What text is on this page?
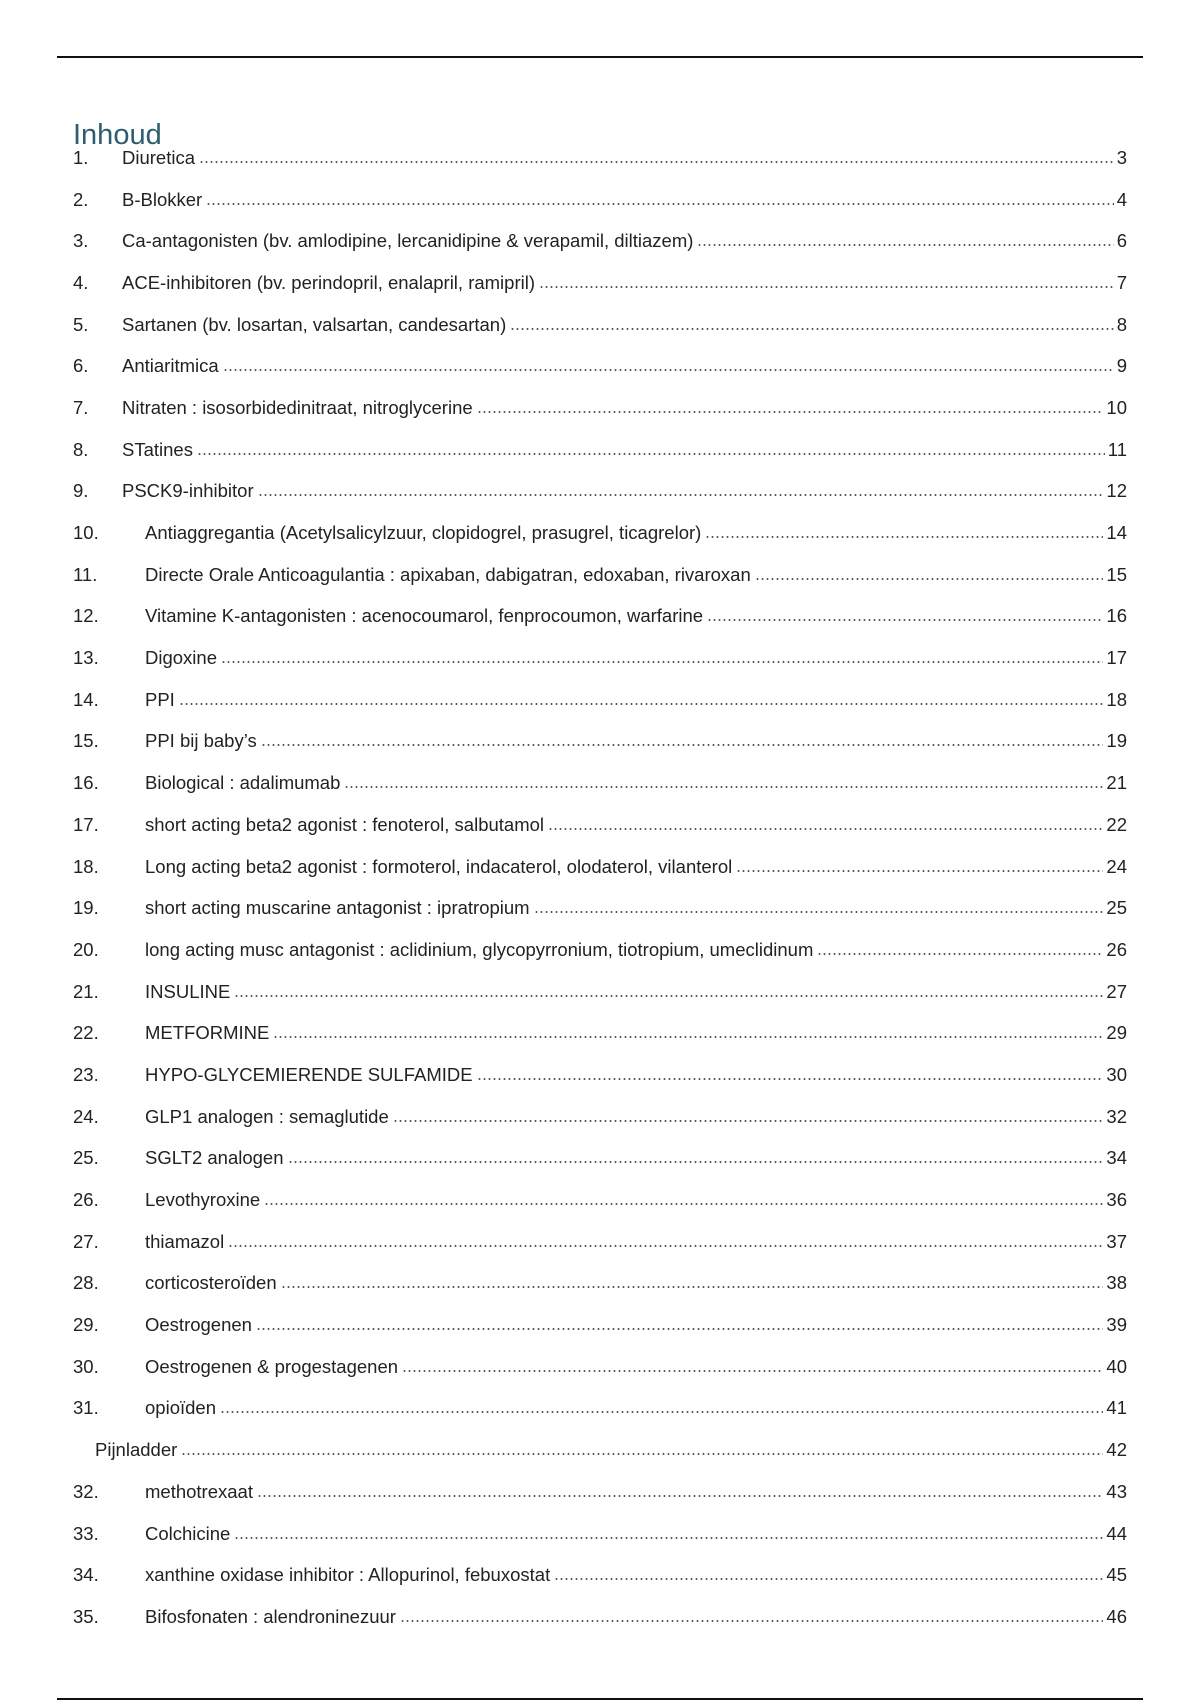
Inhoud
1.	Diuretica	3
2.	B-Blokker	4
3.	Ca-antagonisten (bv. amlodipine, lercanidipine & verapamil, diltiazem)	6
4.	ACE-inhibitoren (bv. perindopril, enalapril, ramipril)	7
5.	Sartanen (bv. losartan, valsartan, candesartan)	8
6.	Antiaritmica	9
7.	Nitraten : isosorbidedinitraat, nitroglycerine	10
8.	STatines	11
9.	PSCK9-inhibitor	12
10.	Antiaggregantia (Acetylsalicylzuur, clopidogrel, prasugrel, ticagrelor)	14
11.	Directe Orale Anticoagulantia : apixaban, dabigatran, edoxaban, rivaroxan	15
12.	Vitamine K-antagonisten : acenocoumarol, fenprocoumon, warfarine	16
13.	Digoxine	17
14.	PPI	18
15.	PPI bij baby’s	19
16.	Biological : adalimumab	21
17.	short acting beta2 agonist : fenoterol, salbutamol	22
18.	Long acting beta2 agonist : formoterol, indacaterol, olodaterol, vilanterol	24
19.	short acting muscarine antagonist : ipratropium	25
20.	long acting musc antagonist : aclidinium, glycopyrronium, tiotropium, umeclidinum	26
21.	INSULINE	27
22.	METFORMINE	29
23.	HYPO-GLYCEMIERENDE SULFAMIDE	30
24.	GLP1 analogen : semaglutide	32
25.	SGLT2 analogen	34
26.	Levothyroxine	36
27.	thiamazol	37
28.	corticosteroïden	38
29.	Oestrogenen	39
30.	Oestrogenen & progestagenen	40
31.	opioïden	41
Pijnladder	42
32.	methotrexaat	43
33.	Colchicine	44
34.	xanthine oxidase inhibitor : Allopurinol, febuxostat	45
35.	Bifosfonaten : alendroninezuur	46
